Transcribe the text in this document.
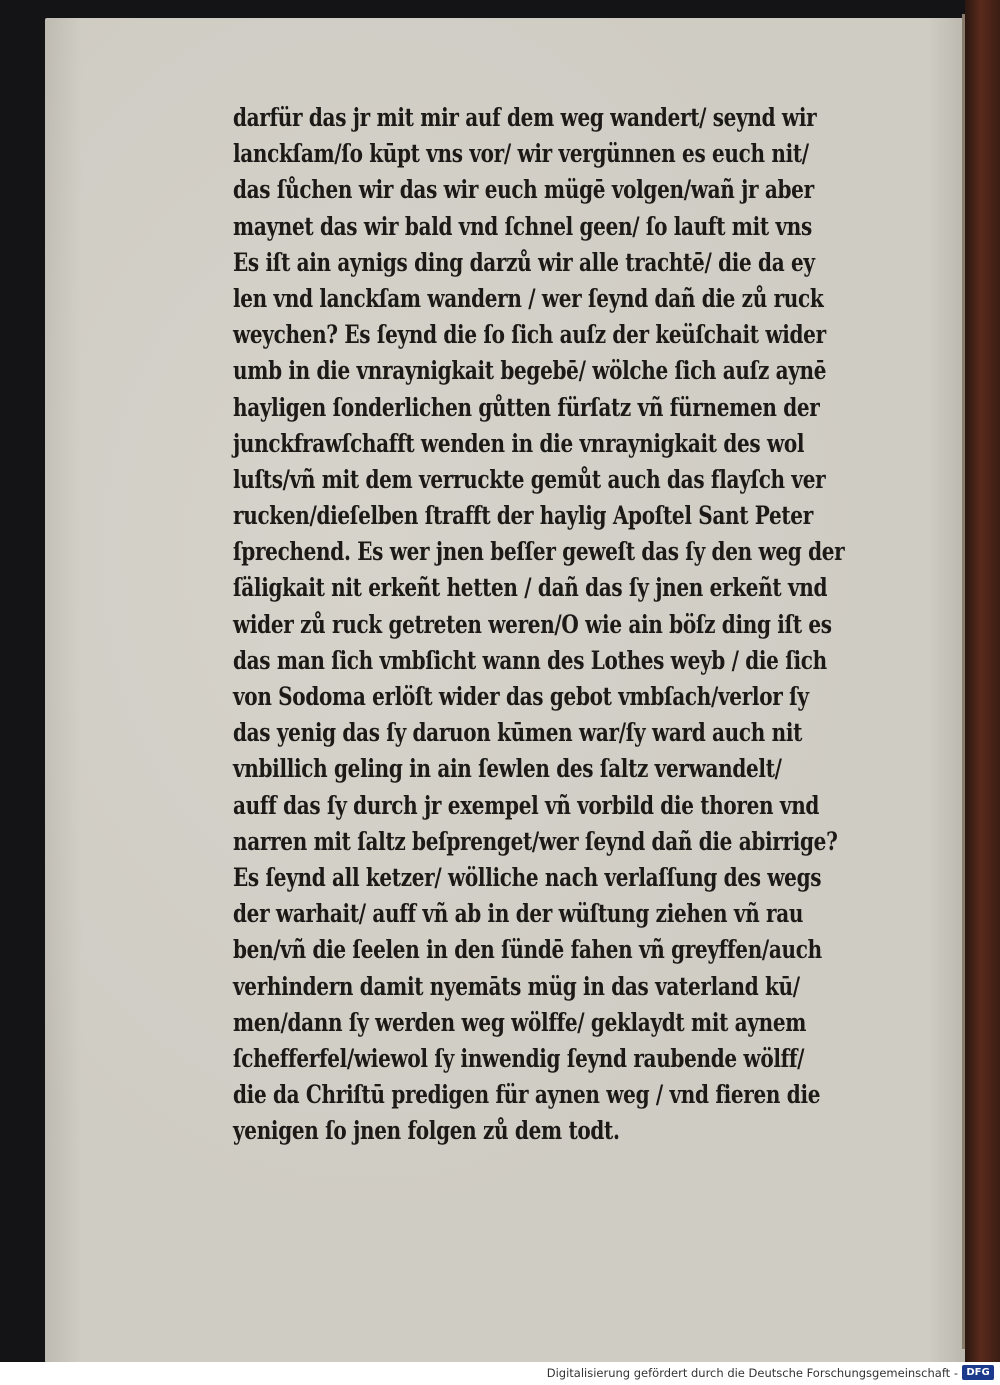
darfür das jr mit mir auf dem weg wandert/ seynd wir
lanckſam/ſo kūpt vns vor/ wir vergünnen es euch nit/
das ſůchen wir das wir euch mügē volgen/wañ jr aber
maynet das wir bald vnd ſchnel geen/ ſo lauft mit vns
Es iſt ain aynigs ding darzů wir alle trachtē/ die da ey
len vnd lanckſam wandern / wer ſeynd dañ die zů ruck
weychen? Es ſeynd die ſo ſich auſz der keüſchait wider
umb in die vnraynigkait begebē/ wölche ſich auſz aynē
hayligen ſonderlichen gůtten fürſatz vñ fürnemen der
junckfrawſchafft wenden in die vnraynigkait des wol
luſts/vñ mit dem verruckte gemůt auch das flayſch ver
rucken/dieſelben ſtrafft der haylig Apoſtel Sant Peter
ſprechend. Es wer jnen beſſer geweſt das ſy den weg der
ſäligkait nit erkeñt hetten / dañ das ſy jnen erkeñt vnd
wider zů ruck getreten weren/O wie ain böſz ding iſt es
das man ſich vmbſicht wann des Lothes weyb / die ſich
von Sodoma erlöſt wider das gebot vmbſach/verlor ſy
das yenig das ſy daruon kūmen war/ſy ward auch nit
vnbillich geling in ain ſewlen des ſaltz verwandelt/
auff das ſy durch jr exempel vñ vorbild die thoren vnd
narren mit ſaltz beſprenget/wer ſeynd dañ die abirrige?
Es ſeynd all ketzer/ wölliche nach verlaſſung des wegs
der warhait/ auff vñ ab in der wüſtung ziehen vñ rau
ben/vñ die ſeelen in den ſündē fahen vñ greyffen/auch
verhindern damit nyemāts müg in das vaterland kū/
men/dann ſy werden weg wölffe/ geklaydt mit aynem
ſchefferfel/wiewol ſy inwendig ſeynd raubende wölff/
die da Chriſtū predigen für aynen weg / vnd fieren die
yenigen ſo jnen folgen zů dem todt.
Digitalisierung gefördert durch die Deutsche Forschungsgemeinschaft - DFG
